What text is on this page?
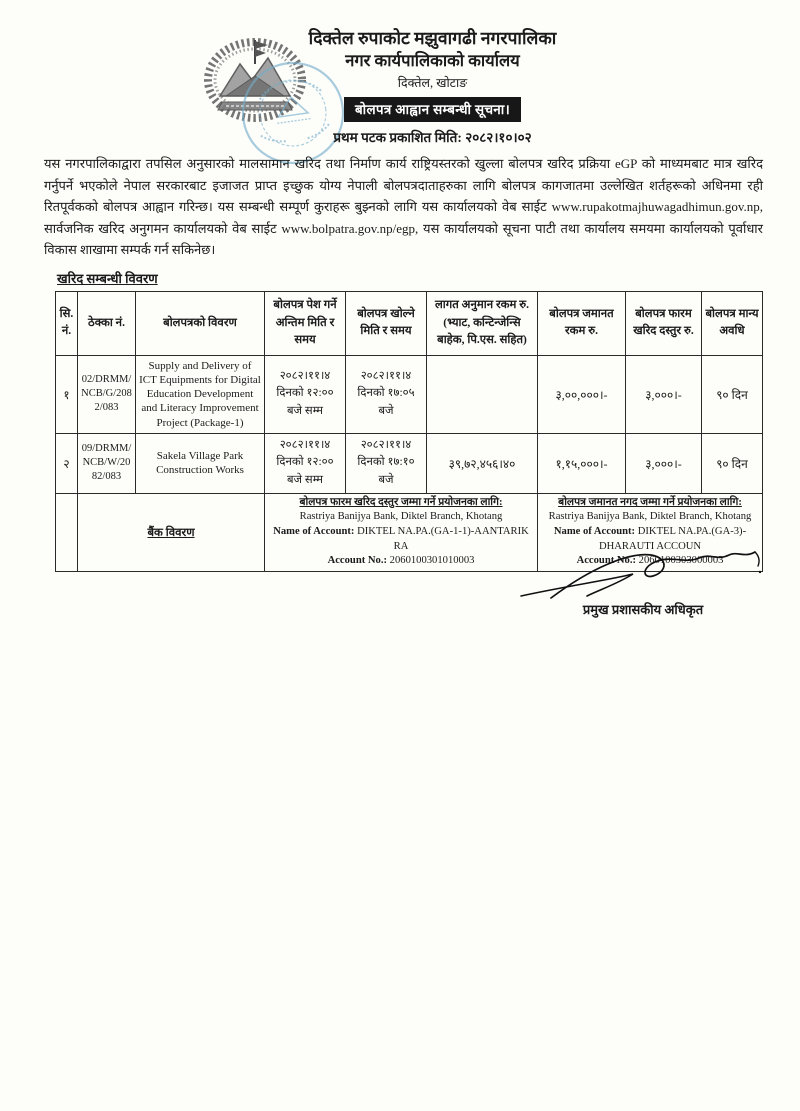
दिक्तेल रुपाकोट मझुवागढी नगरपालिका
नगर कार्यपालिकाको कार्यालय
दिक्तेल, खोटाङ
बोलपत्र आह्वान सम्बन्धी सूचना।
प्रथम पटक प्रकाशित मिति: २०८२।१०।०२
यस नगरपालिकाद्वारा तपसिल अनुसारको मालसामान खरिद तथा निर्माण कार्य राष्ट्रियस्तरको खुल्ला बोलपत्र खरिद प्रक्रिया eGP को माध्यमबाट मात्र खरिद गर्नुपर्ने भएकोले नेपाल सरकारबाट इजाजत प्राप्त इच्छुक योग्य नेपाली बोलपत्रदाताहरुका लागि बोलपत्र कागजातमा उल्लेखित शर्तहरूको अधिनमा रही रितपूर्वकको बोलपत्र आह्वान गरिन्छ। यस सम्बन्धी सम्पूर्ण कुराहरू बुझ्नको लागि यस कार्यालयको वेब साईट www.rupakotmajhuwagadhimun.gov.np, सार्वजनिक खरिद अनुगमन कार्यालयको वेब साईट www.bolpatra.gov.np/egp, यस कार्यालयको सूचना पाटी तथा कार्यालय समयमा कार्यालयको पूर्वाधार विकास शाखामा सम्पर्क गर्न सकिनेछ।
खरिद सम्बन्धी विवरण
सि. नं.	ठेक्का नं.	बोलपत्रको विवरण	बोलपत्र पेश गर्ने अन्तिम मिति र समय	बोलपत्र खोल्ने मिति र समय	लागत अनुमान रकम रु. (भ्याट, कन्टिन्जेन्सि बाहेक, पि.एस. सहित)	बोलपत्र जमानत रकम रु.	बोलपत्र फारम खरिद दस्तुर रु.	बोलपत्र मान्य अवधि
१	02/DRMM/NCB/G/2082/083	Supply and Delivery of ICT Equipments for Digital Education Development and Literacy Improvement Project (Package-1)	२०८२।११।४ दिनको १२:०० बजे सम्म	२०८२।११।४ दिनको १७:०५ बजे		३,००,०००।-	३,०००।-	९० दिन
२	09/DRMM/NCB/W/2082/083	Sakela Village Park Construction Works	२०८२।११।४ दिनको १२:०० बजे सम्म	२०८२।११।४ दिनको १७:१० बजे	३९,७२,४५६।४०	१,१५,०००।-	३,०००।-	९० दिन
	बैंक विवरण	
बोलपत्र फारम खरिद दस्तुर जम्मा गर्ने प्रयोजनका लागि:
Rastriya Banijya Bank, Diktel Branch, Khotang
Name of Account: DIKTEL NA.PA.(GA-1-1)-AANTARIK RA
Account No.: 2060100301010003

बोलपत्र जमानत नगद जम्मा गर्ने प्रयोजनका लागि:
Rastriya Banijya Bank, Diktel Branch, Khotang
Name of Account: DIKTEL NA.PA.(GA-3)-DHARAUTI ACCOUN
Account No.: 2060100303000003
प्रमुख प्रशासकीय अधिकृत
